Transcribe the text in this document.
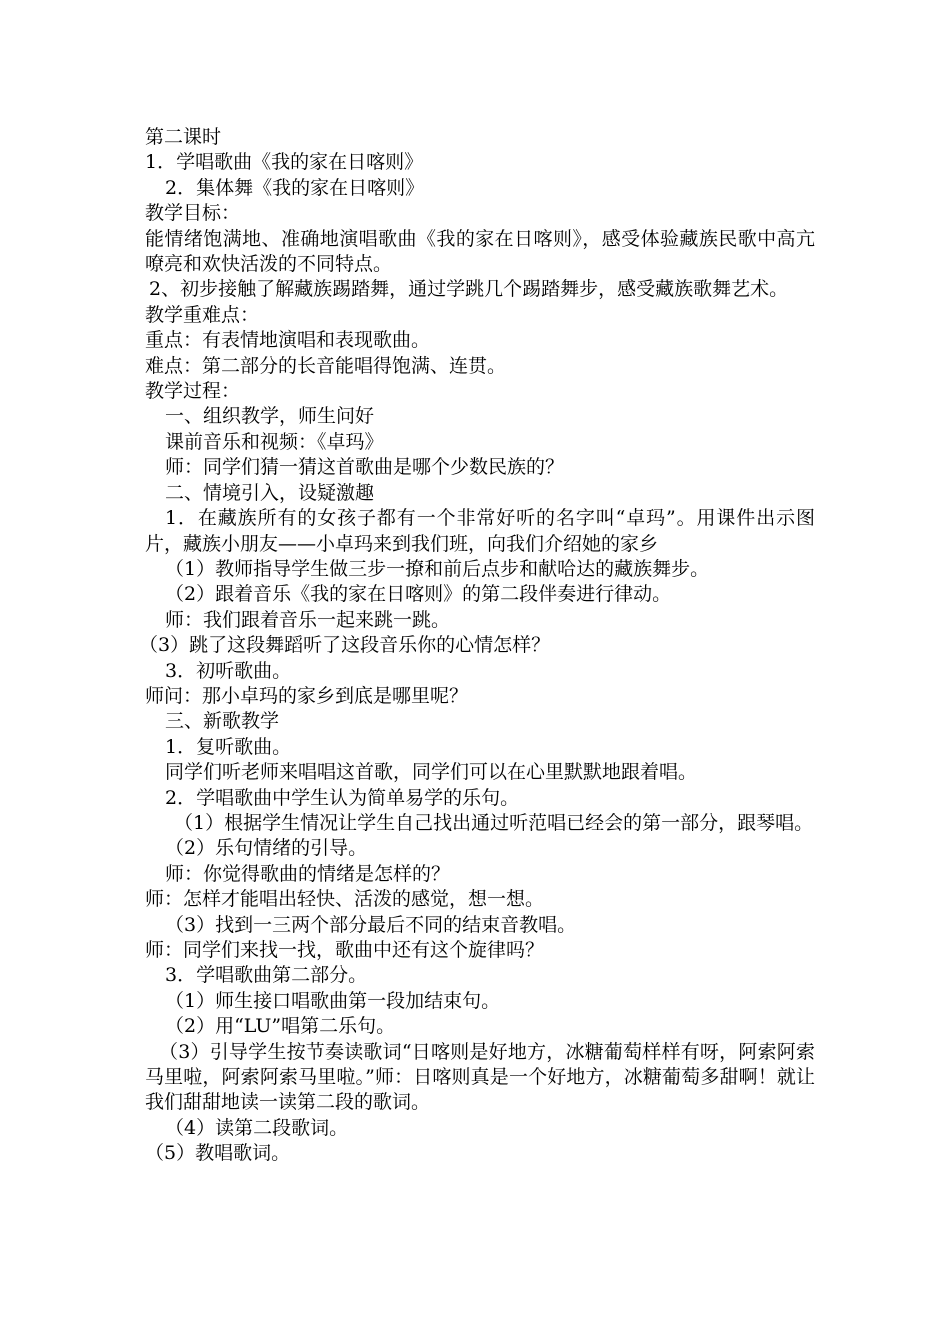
第二课时

1．学唱歌曲《我的家在日喀则》

2．集体舞《我的家在日喀则》

教学目标：

能情绪饱满地、准确地演唱歌曲《我的家在日喀则》，感受体验藏族民歌中高亢嘹亮和欢快活泼的不同特点。

2、初步接触了解藏族踢踏舞，通过学跳几个踢踏舞步，感受藏族歌舞艺术。

教学重难点：

重点：有表情地演唱和表现歌曲。

难点：第二部分的长音能唱得饱满、连贯。

教学过程：

一、组织教学，师生问好

课前音乐和视频：《卓玛》

师：同学们猜一猜这首歌曲是哪个少数民族的？

二、情境引入，设疑激趣

1．在藏族所有的女孩子都有一个非常好听的名字叫“卓玛”。用课件出示图片，藏族小朋友——小卓玛来到我们班，向我们介绍她的家乡

（1）教师指导学生做三步一撩和前后点步和献哈达的藏族舞步。

（2）跟着音乐《我的家在日喀则》的第二段伴奏进行律动。

师：我们跟着音乐一起来跳一跳。

（3）跳了这段舞蹈听了这段音乐你的心情怎样？

3．初听歌曲。

师问：那小卓玛的家乡到底是哪里呢？

三、新歌教学

1．复听歌曲。

同学们听老师来唱唱这首歌，同学们可以在心里默默地跟着唱。

2．学唱歌曲中学生认为简单易学的乐句。

（1）根据学生情况让学生自己找出通过听范唱已经会的第一部分，跟琴唱。

（2）乐句情绪的引导。

师：你觉得歌曲的情绪是怎样的？

师：怎样才能唱出轻快、活泼的感觉，想一想。

（3）找到一三两个部分最后不同的结束音教唱。

师：同学们来找一找，歌曲中还有这个旋律吗？

3．学唱歌曲第二部分。

（1）师生接口唱歌曲第一段加结束句。

（2）用“LU”唱第二乐句。

（3）引导学生按节奏读歌词“日喀则是好地方，冰糖葡萄样样有呀，阿索阿索马里啦，阿索阿索马里啦。”师：日喀则真是一个好地方，冰糖葡萄多甜啊！就让我们甜甜地读一读第二段的歌词。

（4）读第二段歌词。

（5）教唱歌词。
